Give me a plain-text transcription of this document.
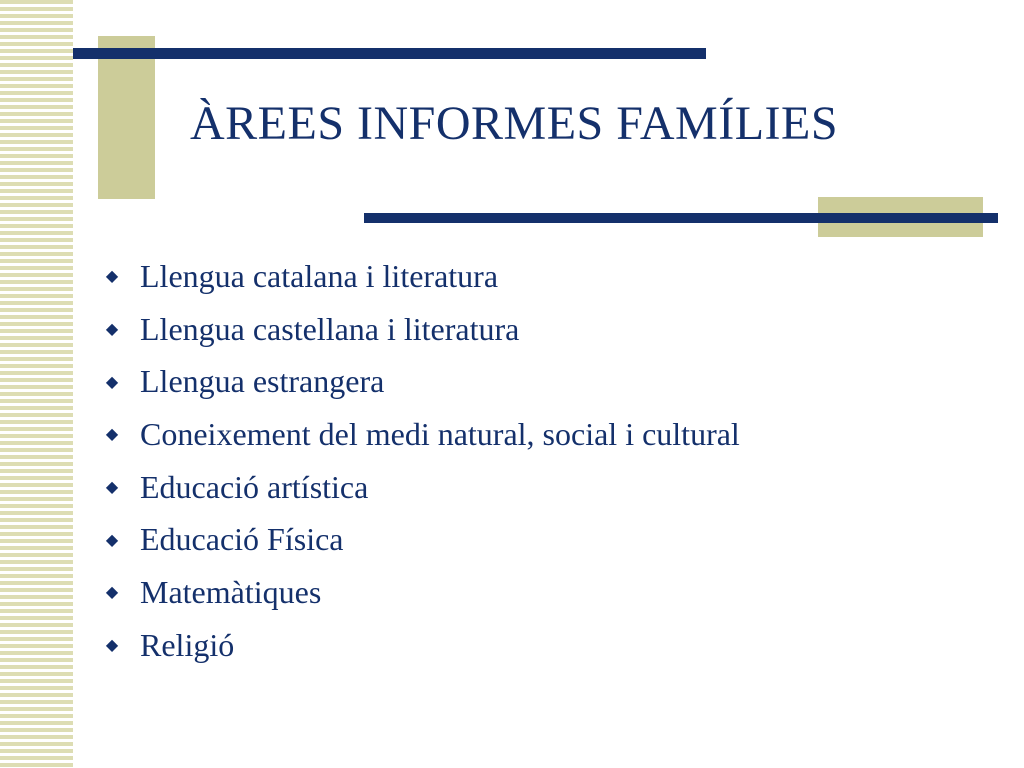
ÀREES INFORMES FAMÍLIES
◆ Llengua catalana i literatura
◆ Llengua castellana i literatura
◆ Llengua estrangera
◆ Coneixement del medi natural, social i cultural
◆ Educació artística
◆ Educació Física
◆ Matemàtiques
◆ Religió
